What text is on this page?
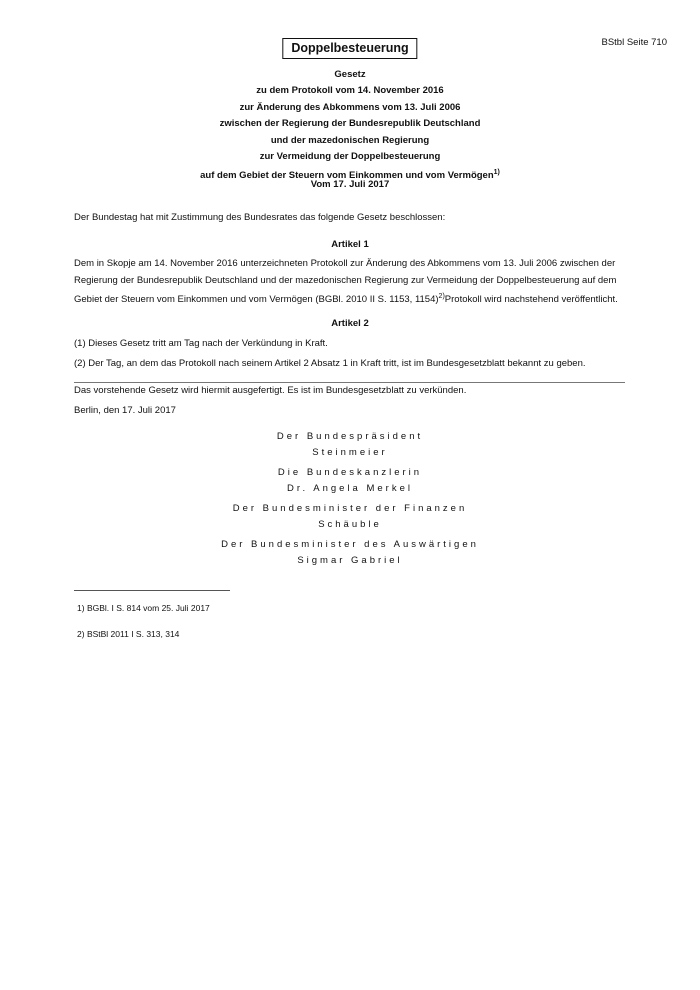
BStbl Seite 710
Doppelbesteuerung
Gesetz
zu dem Protokoll vom 14. November 2016
zur Änderung des Abkommens vom 13. Juli 2006
zwischen der Regierung der Bundesrepublik Deutschland
und der mazedonischen Regierung
zur Vermeidung der Doppelbesteuerung
auf dem Gebiet der Steuern vom Einkommen und vom Vermögen$^{1)}$
Vom 17. Juli 2017
Der Bundestag hat mit Zustimmung des Bundesrates das folgende Gesetz beschlossen:
Artikel 1
Dem in Skopje am 14. November 2016 unterzeichneten Protokoll zur Änderung des Abkommens vom 13. Juli 2006 zwischen der Regierung der Bundesrepublik Deutschland und der mazedonischen Regierung zur Vermeidung der Doppelbesteuerung auf dem Gebiet der Steuern vom Einkommen und vom Vermögen (BGBl. 2010 II S. 1153, 1154)$^{2)}$Protokoll wird nachstehend veröffentlicht.
Artikel 2
(1) Dieses Gesetz tritt am Tag nach der Verkündung in Kraft.
(2) Der Tag, an dem das Protokoll nach seinem Artikel 2 Absatz 1 in Kraft tritt, ist im Bundesgesetzblatt bekannt zu geben.
Das vorstehende Gesetz wird hiermit ausgefertigt. Es ist im Bundesgesetzblatt zu verkünden.
Berlin, den 17. Juli 2017
Der Bundespräsident
Steinmeier
Die Bundeskanzlerin
Dr. Angela Merkel
Der Bundesminister der Finanzen
Schäuble
Der Bundesminister des Auswärtigen
Sigmar Gabriel
1) BGBl. I S. 814 vom 25. Juli 2017
2) BStBl 2011 I S. 313, 314
